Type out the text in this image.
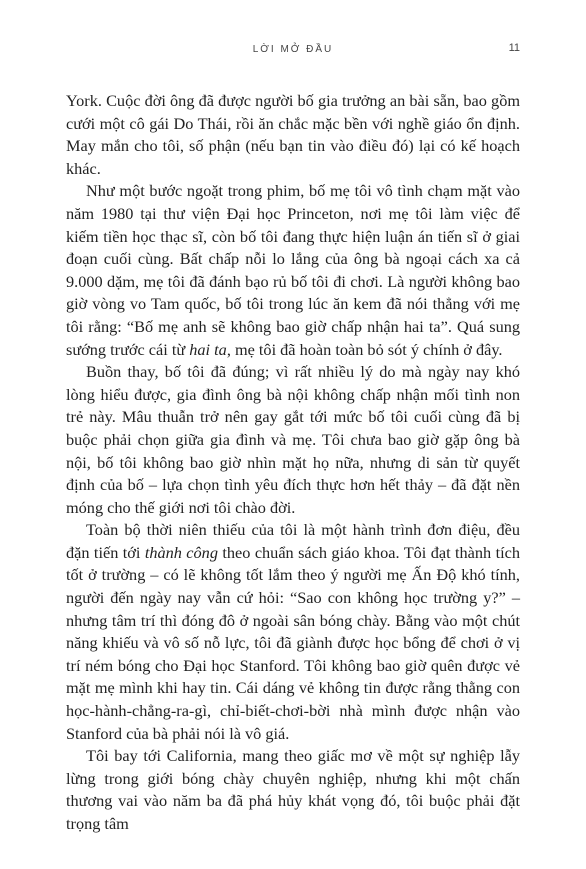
LỜI MỞ ĐẦU	11

York. Cuộc đời ông đã được người bố gia trưởng an bài sẵn, bao gồm cưới một cô gái Do Thái, rồi ăn chắc mặc bền với nghề giáo ổn định. May mắn cho tôi, số phận (nếu bạn tin vào điều đó) lại có kế hoạch khác.

Như một bước ngoặt trong phim, bố mẹ tôi vô tình chạm mặt vào năm 1980 tại thư viện Đại học Princeton, nơi mẹ tôi làm việc để kiếm tiền học thạc sĩ, còn bố tôi đang thực hiện luận án tiến sĩ ở giai đoạn cuối cùng. Bất chấp nỗi lo lắng của ông bà ngoại cách xa cả 9.000 dặm, mẹ tôi đã đánh bạo rủ bố tôi đi chơi. Là người không bao giờ vòng vo Tam quốc, bố tôi trong lúc ăn kem đã nói thẳng với mẹ tôi rằng: “Bố mẹ anh sẽ không bao giờ chấp nhận hai ta”. Quá sung sướng trước cái từ hai ta, mẹ tôi đã hoàn toàn bỏ sót ý chính ở đây.

Buồn thay, bố tôi đã đúng; vì rất nhiều lý do mà ngày nay khó lòng hiểu được, gia đình ông bà nội không chấp nhận mối tình non trẻ này. Mâu thuẫn trở nên gay gắt tới mức bố tôi cuối cùng đã bị buộc phải chọn giữa gia đình và mẹ. Tôi chưa bao giờ gặp ông bà nội, bố tôi không bao giờ nhìn mặt họ nữa, nhưng di sản từ quyết định của bố – lựa chọn tình yêu đích thực hơn hết thảy – đã đặt nền móng cho thế giới nơi tôi chào đời.

Toàn bộ thời niên thiếu của tôi là một hành trình đơn điệu, đều đặn tiến tới thành công theo chuẩn sách giáo khoa. Tôi đạt thành tích tốt ở trường – có lẽ không tốt lắm theo ý người mẹ Ấn Độ khó tính, người đến ngày nay vẫn cứ hỏi: “Sao con không học trường y?” – nhưng tâm trí thì đóng đô ở ngoài sân bóng chày. Bằng vào một chút năng khiếu và vô số nỗ lực, tôi đã giành được học bổng để chơi ở vị trí ném bóng cho Đại học Stanford. Tôi không bao giờ quên được vẻ mặt mẹ mình khi hay tin. Cái dáng vẻ không tin được rằng thằng con học-hành-chẳng-ra-gì, chỉ-biết-chơi-bời nhà mình được nhận vào Stanford của bà phải nói là vô giá.

Tôi bay tới California, mang theo giấc mơ về một sự nghiệp lẫy lừng trong giới bóng chày chuyên nghiệp, nhưng khi một chấn thương vai vào năm ba đã phá hủy khát vọng đó, tôi buộc phải đặt trọng tâm
